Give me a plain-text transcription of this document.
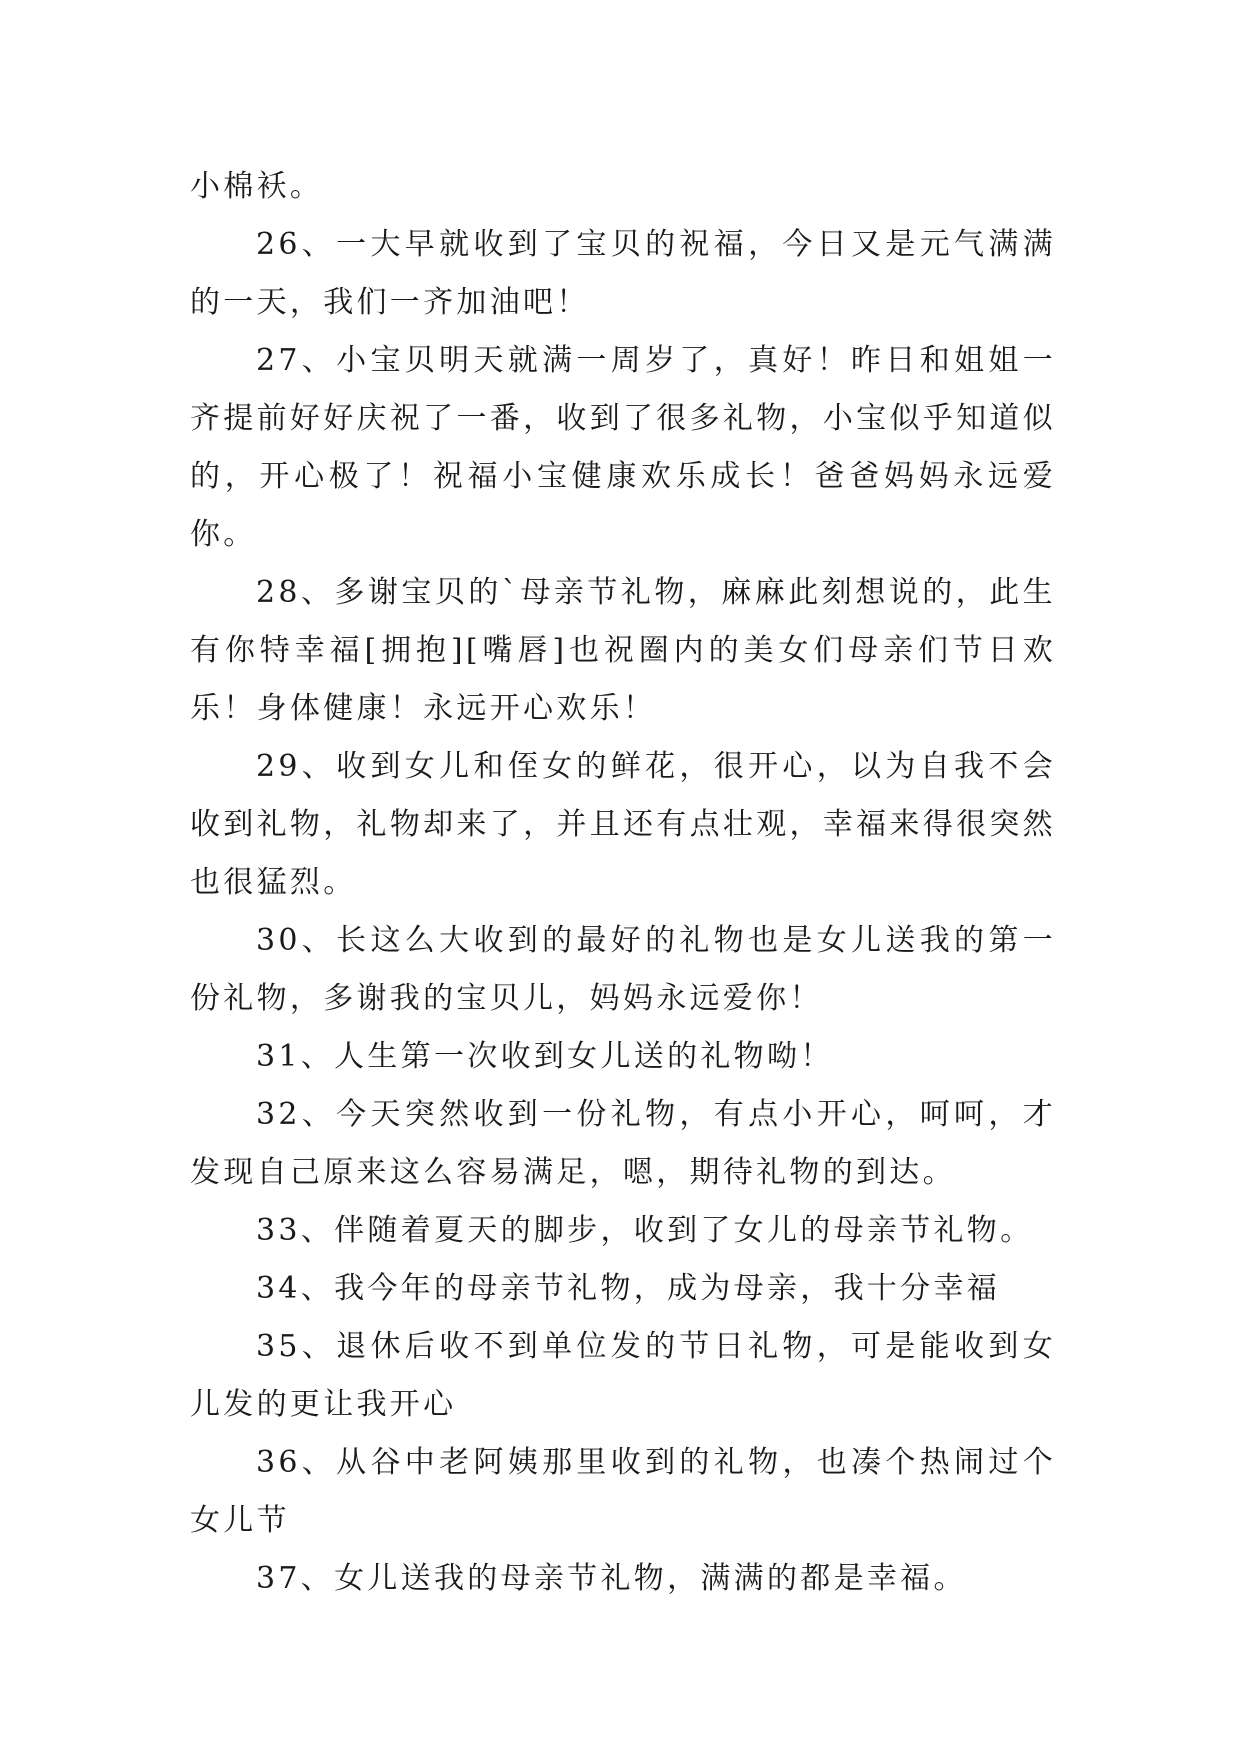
小棉袄。

26、一大早就收到了宝贝的祝福，今日又是元气满满的一天，我们一齐加油吧！

27、小宝贝明天就满一周岁了，真好！昨日和姐姐一齐提前好好庆祝了一番，收到了很多礼物，小宝似乎知道似的，开心极了！祝福小宝健康欢乐成长！爸爸妈妈永远爱你。

28、多谢宝贝的`母亲节礼物，麻麻此刻想说的，此生有你特幸福[拥抱][嘴唇]也祝圈内的美女们母亲们节日欢乐！身体健康！永远开心欢乐！

29、收到女儿和侄女的鲜花，很开心，以为自我不会收到礼物，礼物却来了，并且还有点壮观，幸福来得很突然也很猛烈。

30、长这么大收到的最好的礼物也是女儿送我的第一份礼物，多谢我的宝贝儿，妈妈永远爱你！

31、人生第一次收到女儿送的礼物呦！

32、今天突然收到一份礼物，有点小开心，呵呵，才发现自己原来这么容易满足，嗯，期待礼物的到达。

33、伴随着夏天的脚步，收到了女儿的母亲节礼物。

34、我今年的母亲节礼物，成为母亲，我十分幸福

35、退休后收不到单位发的节日礼物，可是能收到女儿发的更让我开心

36、从谷中老阿姨那里收到的礼物，也凑个热闹过个女儿节

37、女儿送我的母亲节礼物，满满的都是幸福。
